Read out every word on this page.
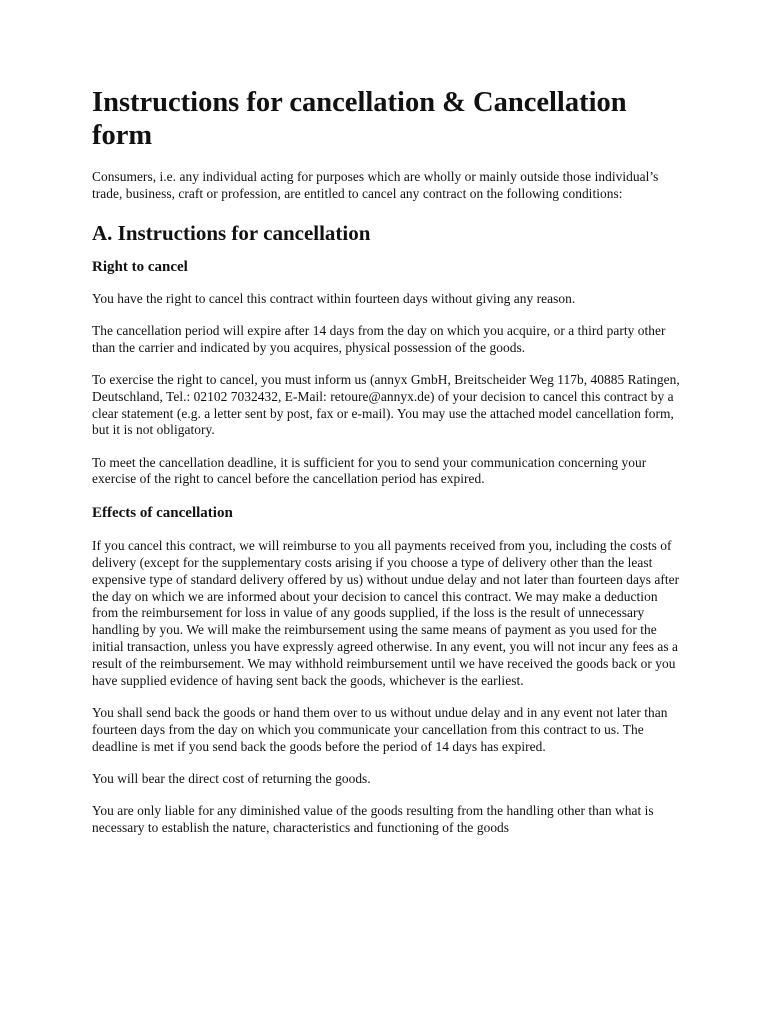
Instructions for cancellation & Cancellation form

Consumers, i.e. any individual acting for purposes which are wholly or mainly outside those individual’s trade, business, craft or profession, are entitled to cancel any contract on the following conditions:

A. Instructions for cancellation
Right to cancel

You have the right to cancel this contract within fourteen days without giving any reason.

The cancellation period will expire after 14 days from the day on which you acquire, or a third party other than the carrier and indicated by you acquires, physical possession of the goods.

To exercise the right to cancel, you must inform us (annyx GmbH, Breitscheider Weg 117b, 40885 Ratingen, Deutschland, Tel.: 02102 7032432, E-Mail: retoure@annyx.de) of your decision to cancel this contract by a clear statement (e.g. a letter sent by post, fax or e-mail). You may use the attached model cancellation form, but it is not obligatory.

To meet the cancellation deadline, it is sufficient for you to send your communication concerning your exercise of the right to cancel before the cancellation period has expired.

Effects of cancellation

If you cancel this contract, we will reimburse to you all payments received from you, including the costs of delivery (except for the supplementary costs arising if you choose a type of delivery other than the least expensive type of standard delivery offered by us) without undue delay and not later than fourteen days after the day on which we are informed about your decision to cancel this contract. We may make a deduction from the reimbursement for loss in value of any goods supplied, if the loss is the result of unnecessary handling by you. We will make the reimbursement using the same means of payment as you used for the initial transaction, unless you have expressly agreed otherwise. In any event, you will not incur any fees as a result of the reimbursement. We may withhold reimbursement until we have received the goods back or you have supplied evidence of having sent back the goods, whichever is the earliest.

You shall send back the goods or hand them over to us without undue delay and in any event not later than fourteen days from the day on which you communicate your cancellation from this contract to us. The deadline is met if you send back the goods before the period of 14 days has expired.

You will bear the direct cost of returning the goods.

You are only liable for any diminished value of the goods resulting from the handling other than what is necessary to establish the nature, characteristics and functioning of the goods
